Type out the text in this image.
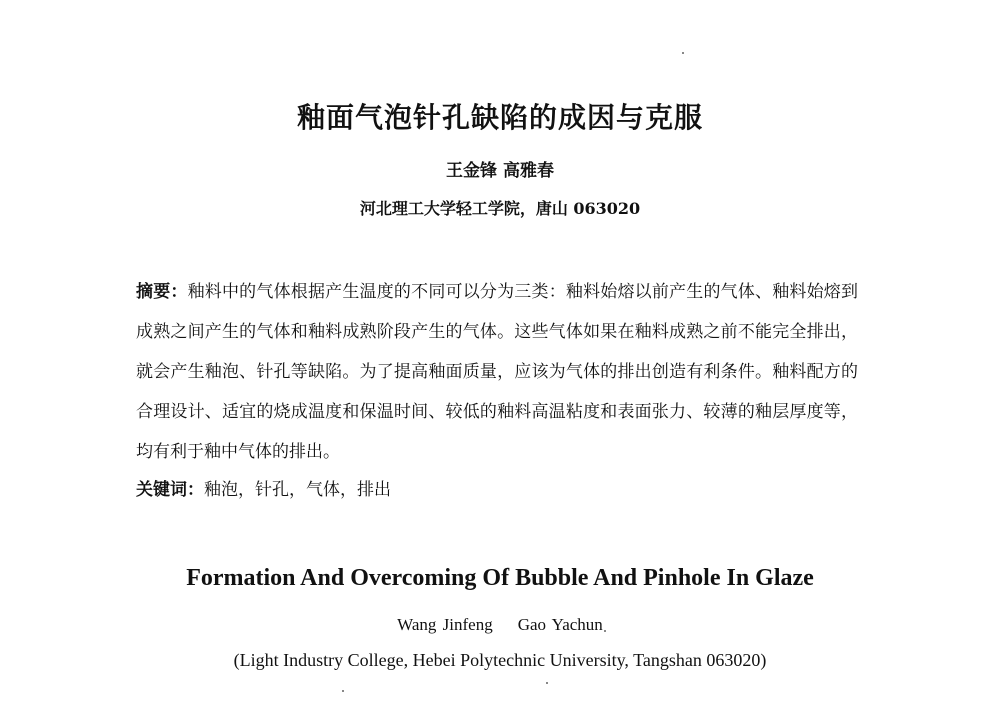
釉面气泡针孔缺陷的成因与克服
王金锋 高雅春
河北理工大学轻工学院，唐山 063020
摘要：釉料中的气体根据产生温度的不同可以分为三类：釉料始熔以前产生的气体、釉料始熔到成熟之间产生的气体和釉料成熟阶段产生的气体。这些气体如果在釉料成熟之前不能完全排出，就会产生釉泡、针孔等缺陷。为了提高釉面质量，应该为气体的排出创造有利条件。釉料配方的合理设计、适宜的烧成温度和保温时间、较低的釉料高温粘度和表面张力、较薄的釉层厚度等，均有利于釉中气体的排出。
关键词：釉泡，针孔，气体，排出
Formation And Overcoming Of Bubble And Pinhole In Glaze
Wang Jinfeng    Gao Yachun
(Light Industry College, Hebei Polytechnic University, Tangshan 063020)
